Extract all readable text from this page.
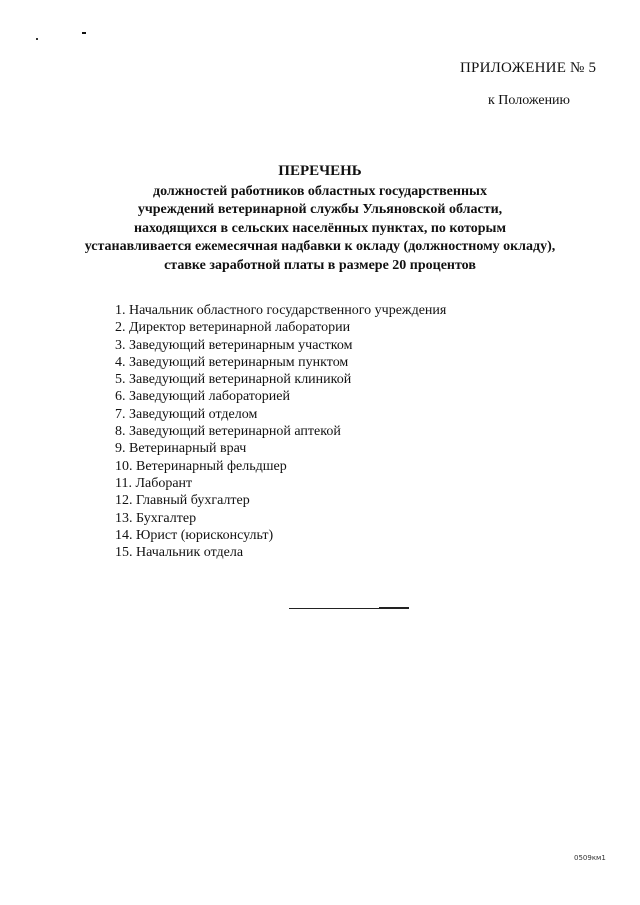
ПРИЛОЖЕНИЕ № 5
к Положению
ПЕРЕЧЕНЬ
должностей работников областных государственных
учреждений ветеринарной службы Ульяновской области,
находящихся в сельских населённых пунктах, по которым
устанавливается ежемесячная надбавки к окладу (должностному окладу),
ставке заработной платы в размере 20 процентов
1. Начальник областного государственного учреждения
2. Директор ветеринарной лаборатории
3. Заведующий ветеринарным участком
4. Заведующий ветеринарным пунктом
5. Заведующий ветеринарной клиникой
6. Заведующий лабораторией
7. Заведующий отделом
8. Заведующий ветеринарной аптекой
9. Ветеринарный врач
10. Ветеринарный фельдшер
11. Лаборант
12. Главный бухгалтер
13. Бухгалтер
14. Юрист (юрисконсульт)
15. Начальник отдела
0509км1
